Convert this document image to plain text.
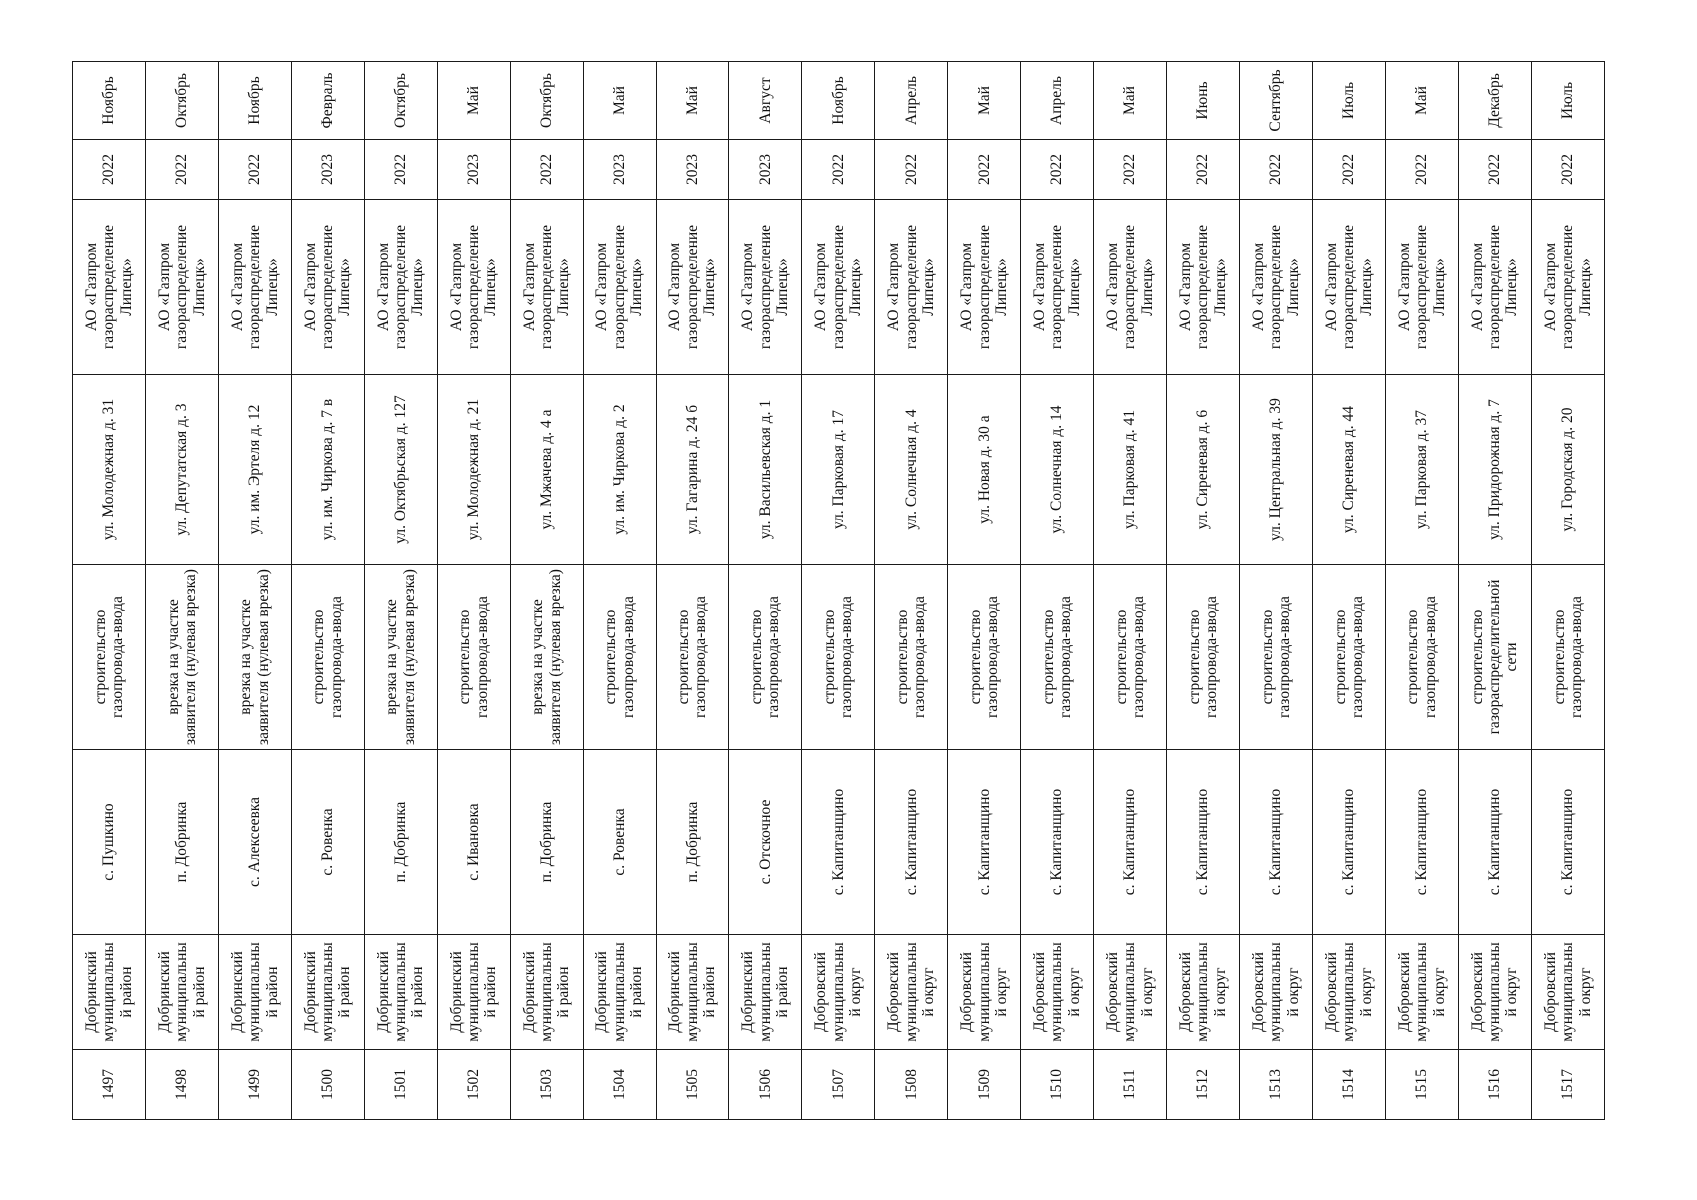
1497	Добринский муниципальный район	с. Пушкино	строительство газопровода-ввода	ул. Молодежная д. 31	АО «Газпром газораспределение Липецк»	2022	Ноябрь
1498	Добринский муниципальный район	п. Добринка	врезка на участке заявителя (нулевая врезка)	ул. Депутатская д. 3	АО «Газпром газораспределение Липецк»	2022	Октябрь
1499	Добринский муниципальный район	с. Алексеевка	врезка на участке заявителя (нулевая врезка)	ул. им. Эртеля д. 12	АО «Газпром газораспределение Липецк»	2022	Ноябрь
1500	Добринский муниципальный район	с. Ровенка	строительство газопровода-ввода	ул. им. Чиркова д. 7 в	АО «Газпром газораспределение Липецк»	2023	Февраль
1501	Добринский муниципальный район	п. Добринка	врезка на участке заявителя (нулевая врезка)	ул. Октябрьская д. 127	АО «Газпром газораспределение Липецк»	2022	Октябрь
1502	Добринский муниципальный район	с. Ивановка	строительство газопровода-ввода	ул. Молодежная д. 21	АО «Газпром газораспределение Липецк»	2023	Май
1503	Добринский муниципальный район	п. Добринка	врезка на участке заявителя (нулевая врезка)	ул. Мжачева д. 4 а	АО «Газпром газораспределение Липецк»	2022	Октябрь
1504	Добринский муниципальный район	с. Ровенка	строительство газопровода-ввода	ул. им. Чиркова д. 2	АО «Газпром газораспределение Липецк»	2023	Май
1505	Добринский муниципальный район	п. Добринка	строительство газопровода-ввода	ул. Гагарина д. 24 б	АО «Газпром газораспределение Липецк»	2023	Май
1506	Добринский муниципальный район	с. Отскочное	строительство газопровода-ввода	ул. Васильевская д. 1	АО «Газпром газораспределение Липецк»	2023	Август
1507	Добровский муниципальный округ	с. Капитанщино	строительство газопровода-ввода	ул. Парковая д. 17	АО «Газпром газораспределение Липецк»	2022	Ноябрь
1508	Добровский муниципальный округ	с. Капитанщино	строительство газопровода-ввода	ул. Солнечная д. 4	АО «Газпром газораспределение Липецк»	2022	Апрель
1509	Добровский муниципальный округ	с. Капитанщино	строительство газопровода-ввода	ул. Новая д. 30 а	АО «Газпром газораспределение Липецк»	2022	Май
1510	Добровский муниципальный округ	с. Капитанщино	строительство газопровода-ввода	ул. Солнечная д. 14	АО «Газпром газораспределение Липецк»	2022	Апрель
1511	Добровский муниципальный округ	с. Капитанщино	строительство газопровода-ввода	ул. Парковая д. 41	АО «Газпром газораспределение Липецк»	2022	Май
1512	Добровский муниципальный округ	с. Капитанщино	строительство газопровода-ввода	ул. Сиреневая д. 6	АО «Газпром газораспределение Липецк»	2022	Июнь
1513	Добровский муниципальный округ	с. Капитанщино	строительство газопровода-ввода	ул. Центральная д. 39	АО «Газпром газораспределение Липецк»	2022	Сентябрь
1514	Добровский муниципальный округ	с. Капитанщино	строительство газопровода-ввода	ул. Сиреневая д. 44	АО «Газпром газораспределение Липецк»	2022	Июль
1515	Добровский муниципальный округ	с. Капитанщино	строительство газопровода-ввода	ул. Парковая д. 37	АО «Газпром газораспределение Липецк»	2022	Май
1516	Добровский муниципальный округ	с. Капитанщино	строительство газораспределительной сети	ул. Придорожная д. 7	АО «Газпром газораспределение Липецк»	2022	Декабрь
1517	Добровский муниципальный округ	с. Капитанщино	строительство газопровода-ввода	ул. Городская д. 20	АО «Газпром газораспределение Липецк»	2022	Июль
